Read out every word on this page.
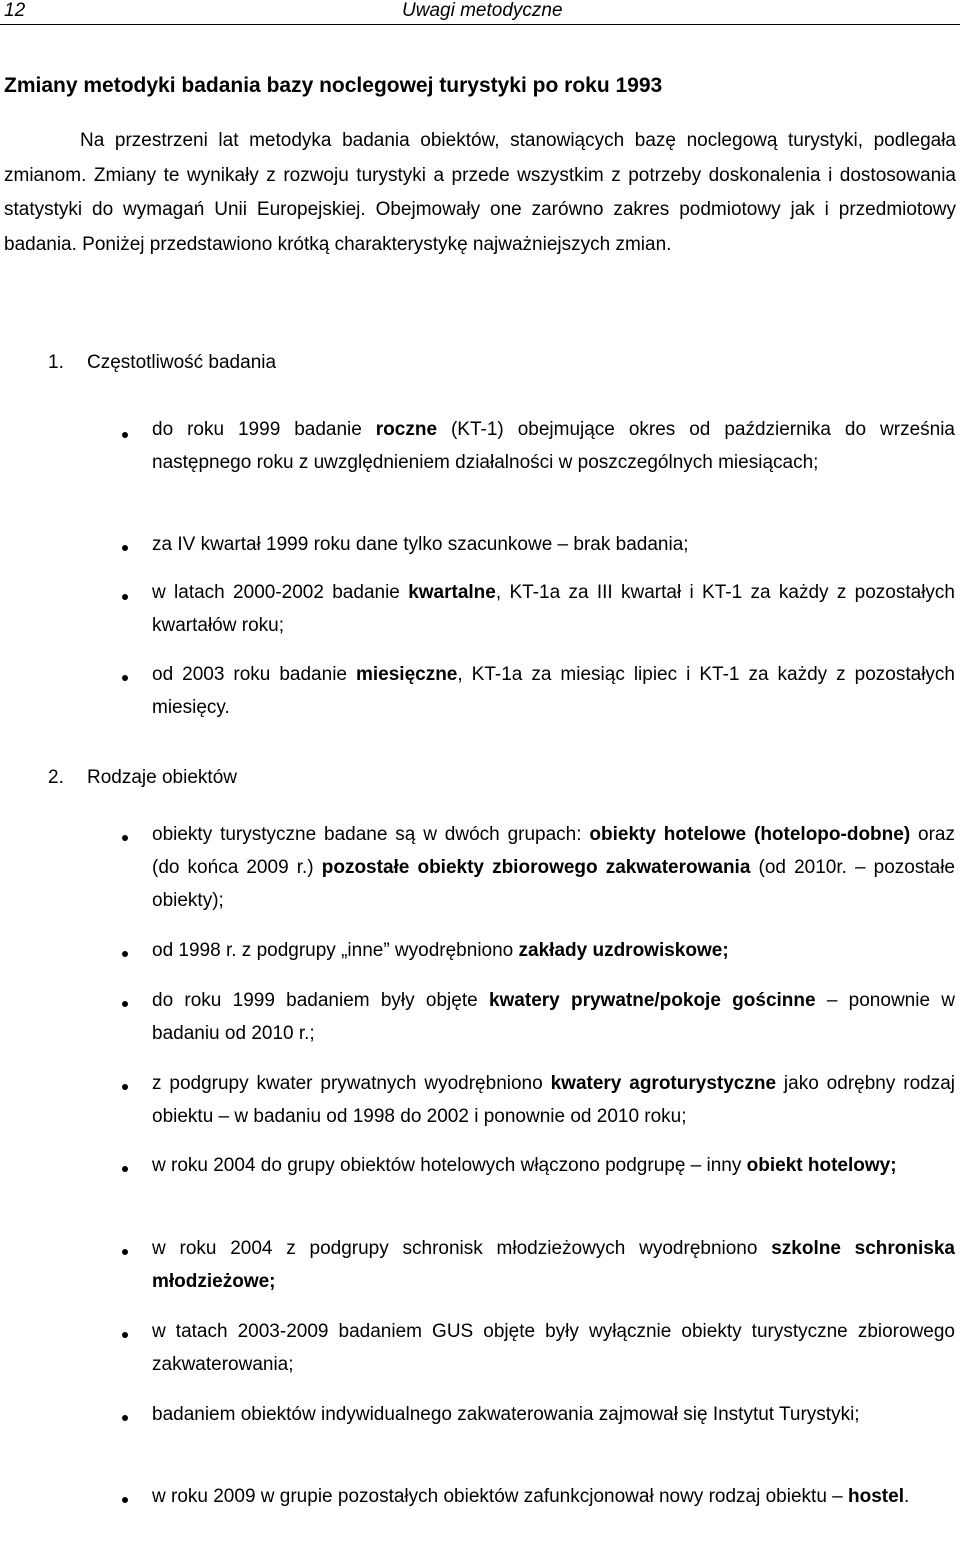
12	Uwagi metodyczne
Zmiany metodyki badania bazy noclegowej turystyki po roku 1993

Na przestrzeni lat metodyka badania obiektów, stanowiących bazę noclegową turystyki, podlegała zmianom. Zmiany te wynikały z rozwoju turystyki a przede wszystkim z potrzeby doskonalenia i dostosowania statystyki do wymagań Unii Europejskiej. Obejmowały one zarówno zakres podmiotowy jak i przedmiotowy badania. Poniżej przedstawiono krótką charakterystykę najważniejszych zmian.

1. Częstotliwość badania

do roku 1999 badanie roczne (KT-1) obejmujące okres od października do września następnego roku z uwzględnieniem działalności w poszczególnych miesiącach;

za IV kwartał 1999 roku dane tylko szacunkowe – brak badania;

w latach 2000-2002 badanie kwartalne, KT-1a za III kwartał i KT-1 za każdy z pozostałych kwartałów roku;

od 2003 roku badanie miesięczne, KT-1a za miesiąc lipiec i KT-1 za każdy z pozostałych miesięcy.

2. Rodzaje obiektów

obiekty turystyczne badane są w dwóch grupach: obiekty hotelowe (hotelopo-dobne) oraz (do końca 2009 r.) pozostałe obiekty zbiorowego zakwaterowania (od 2010r. – pozostałe obiekty);

od 1998 r. z podgrupy „inne” wyodrębniono zakłady uzdrowiskowe;

do roku 1999 badaniem były objęte kwatery prywatne/pokoje gościnne – ponownie w badaniu od 2010 r.;

z podgrupy kwater prywatnych wyodrębniono kwatery agroturystyczne jako odrębny rodzaj obiektu – w badaniu od 1998 do 2002 i ponownie od 2010 roku;

w roku 2004 do grupy obiektów hotelowych włączono podgrupę – inny obiekt hotelowy;

w roku 2004 z podgrupy schronisk młodzieżowych wyodrębniono szkolne schroniska młodzieżowe;

w tatach 2003-2009 badaniem GUS objęte były wyłącznie obiekty turystyczne zbiorowego zakwaterowania;

badaniem obiektów indywidualnego zakwaterowania zajmował się Instytut Turystyki;

w roku 2009 w grupie pozostałych obiektów zafunkcjonował nowy rodzaj obiektu – hostel.
